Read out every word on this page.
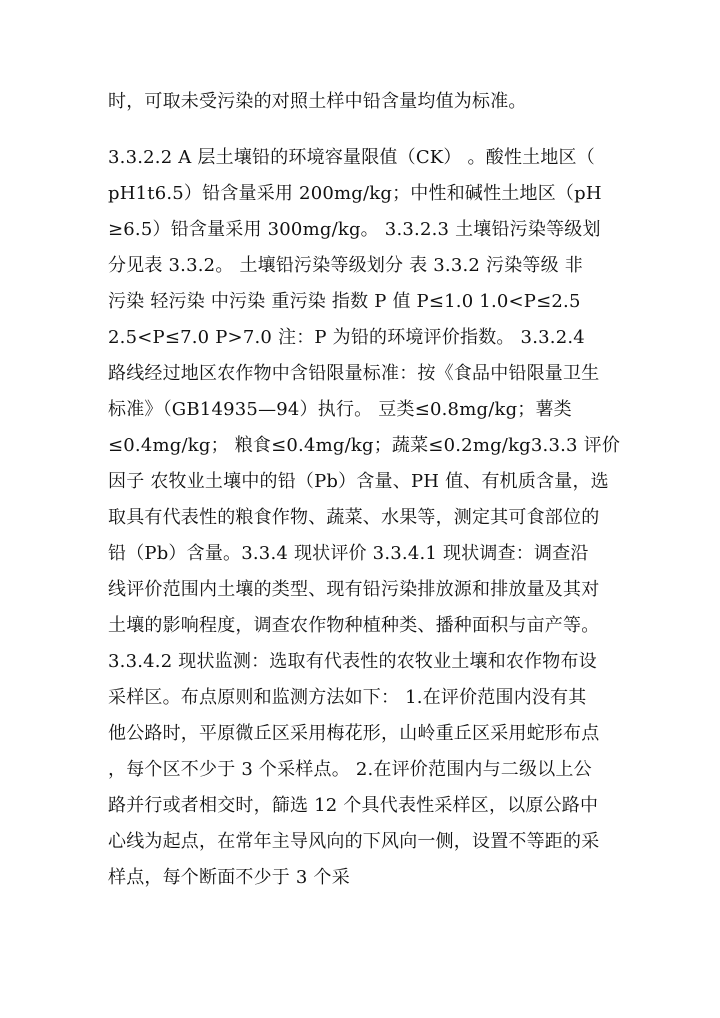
时，可取未受污染的对照土样中铅含量均值为标准。
3.3.2.2 A 层土壤铅的环境容量限值（CK） 。酸性土地区（
pH1t6.5）铅含量采用 200mg/kg；中性和碱性土地区（pH
≥6.5）铅含量采用 300mg/kg。 3.3.2.3 土壤铅污染等级划
分见表 3.3.2。 土壤铅污染等级划分 表 3.3.2 污染等级 非
污染 轻污染 中污染 重污染 指数 P 值 P≤1.0 1.0<P≤2.5
2.5<P≤7.0 P>7.0 注：P 为铅的环境评价指数。 3.3.2.4
路线经过地区农作物中含铅限量标准：按《食品中铅限量卫生
标准》（GB14935—94）执行。 豆类≤0.8mg/kg；薯类
≤0.4mg/kg； 粮食≤0.4mg/kg；蔬菜≤0.2mg/kg3.3.3 评价
因子 农牧业土壤中的铅（Pb）含量、PH 值、有机质含量，选
取具有代表性的粮食作物、蔬菜、水果等，测定其可食部位的
铅（Pb）含量。3.3.4 现状评价 3.3.4.1 现状调查：调查沿
线评价范围内土壤的类型、现有铅污染排放源和排放量及其对
土壤的影响程度，调查农作物种植种类、播种面积与亩产等。
3.3.4.2 现状监测：选取有代表性的农牧业土壤和农作物布设
采样区。布点原则和监测方法如下： 1.在评价范围内没有其
他公路时，平原微丘区采用梅花形，山岭重丘区采用蛇形布点
，每个区不少于 3 个采样点。 2.在评价范围内与二级以上公
路并行或者相交时，篩选 12 个具代表性采样区，以原公路中
心线为起点，在常年主导风向的下风向一侧，设置不等距的采
样点，每个断面不少于 3 个采
